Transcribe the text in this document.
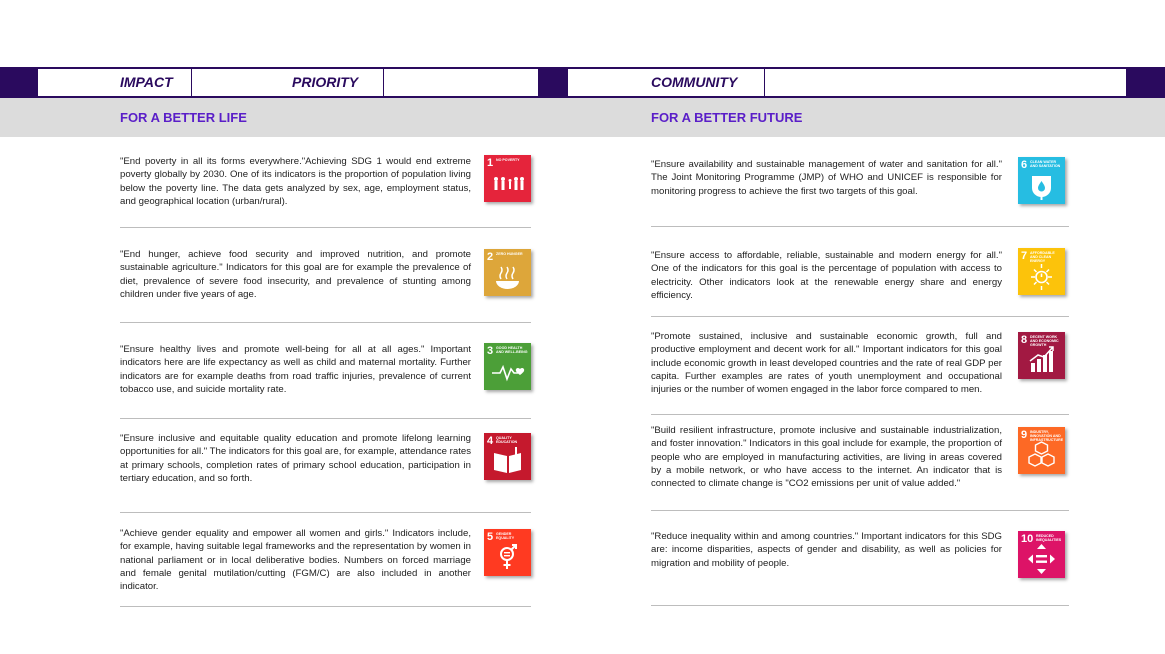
IMPACT	PRIORITY	COMMUNITY
FOR A BETTER LIFE	FOR A BETTER FUTURE
"End poverty in all its forms everywhere."Achieving SDG 1 would end extreme poverty globally by 2030. One of its indicators is the proportion of population living below the poverty line. The data gets analyzed by sex, age, employment status, and geographical location (urban/rural).
1 NO POVERTY
"End hunger, achieve food security and improved nutrition, and promote sustainable agriculture." Indicators for this goal are for example the prevalence of diet, prevalence of severe food insecurity, and prevalence of stunting among children under five years of age.
2 ZERO HUNGER
"Ensure healthy lives and promote well-being for all at all ages." Important indicators here are life expectancy as well as child and maternal mortality. Further indicators are for example deaths from road traffic injuries, prevalence of current tobacco use, and suicide mortality rate.
3 GOOD HEALTH AND WELL-BEING
"Ensure inclusive and equitable quality education and promote lifelong learning opportunities for all." The indicators for this goal are, for example, attendance rates at primary schools, completion rates of primary school education, participation in tertiary education, and so forth.
4 QUALITY EDUCATION
"Achieve gender equality and empower all women and girls." Indicators include, for example, having suitable legal frameworks and the representation by women in national parliament or in local deliberative bodies. Numbers on forced marriage and female genital mutilation/cutting (FGM/C) are also included in another indicator.
5 GENDER EQUALITY
"Ensure availability and sustainable management of water and sanitation for all." The Joint Monitoring Programme (JMP) of WHO and UNICEF is responsible for monitoring progress to achieve the first two targets of this goal.
6 CLEAN WATER AND SANITATION
"Ensure access to affordable, reliable, sustainable and modern energy for all." One of the indicators for this goal is the percentage of population with access to electricity. Other indicators look at the renewable energy share and energy efficiency.
7 AFFORDABLE AND CLEAN ENERGY
"Promote sustained, inclusive and sustainable economic growth, full and productive employment and decent work for all." Important indicators for this goal include economic growth in least developed countries and the rate of real GDP per capita. Further examples are rates of youth unemployment and occupational injuries or the number of women engaged in the labor force compared to men.
8 DECENT WORK AND ECONOMIC GROWTH
"Build resilient infrastructure, promote inclusive and sustainable industrialization, and foster innovation." Indicators in this goal include for example, the proportion of people who are employed in manufacturing activities, are living in areas covered by a mobile network, or who have access to the internet. An indicator that is connected to climate change is "CO2 emissions per unit of value added."
9 INDUSTRY, INNOVATION AND INFRASTRUCTURE
"Reduce inequality within and among countries." Important indicators for this SDG are: income disparities, aspects of gender and disability, as well as policies for migration and mobility of people.
10 REDUCED INEQUALITIES
